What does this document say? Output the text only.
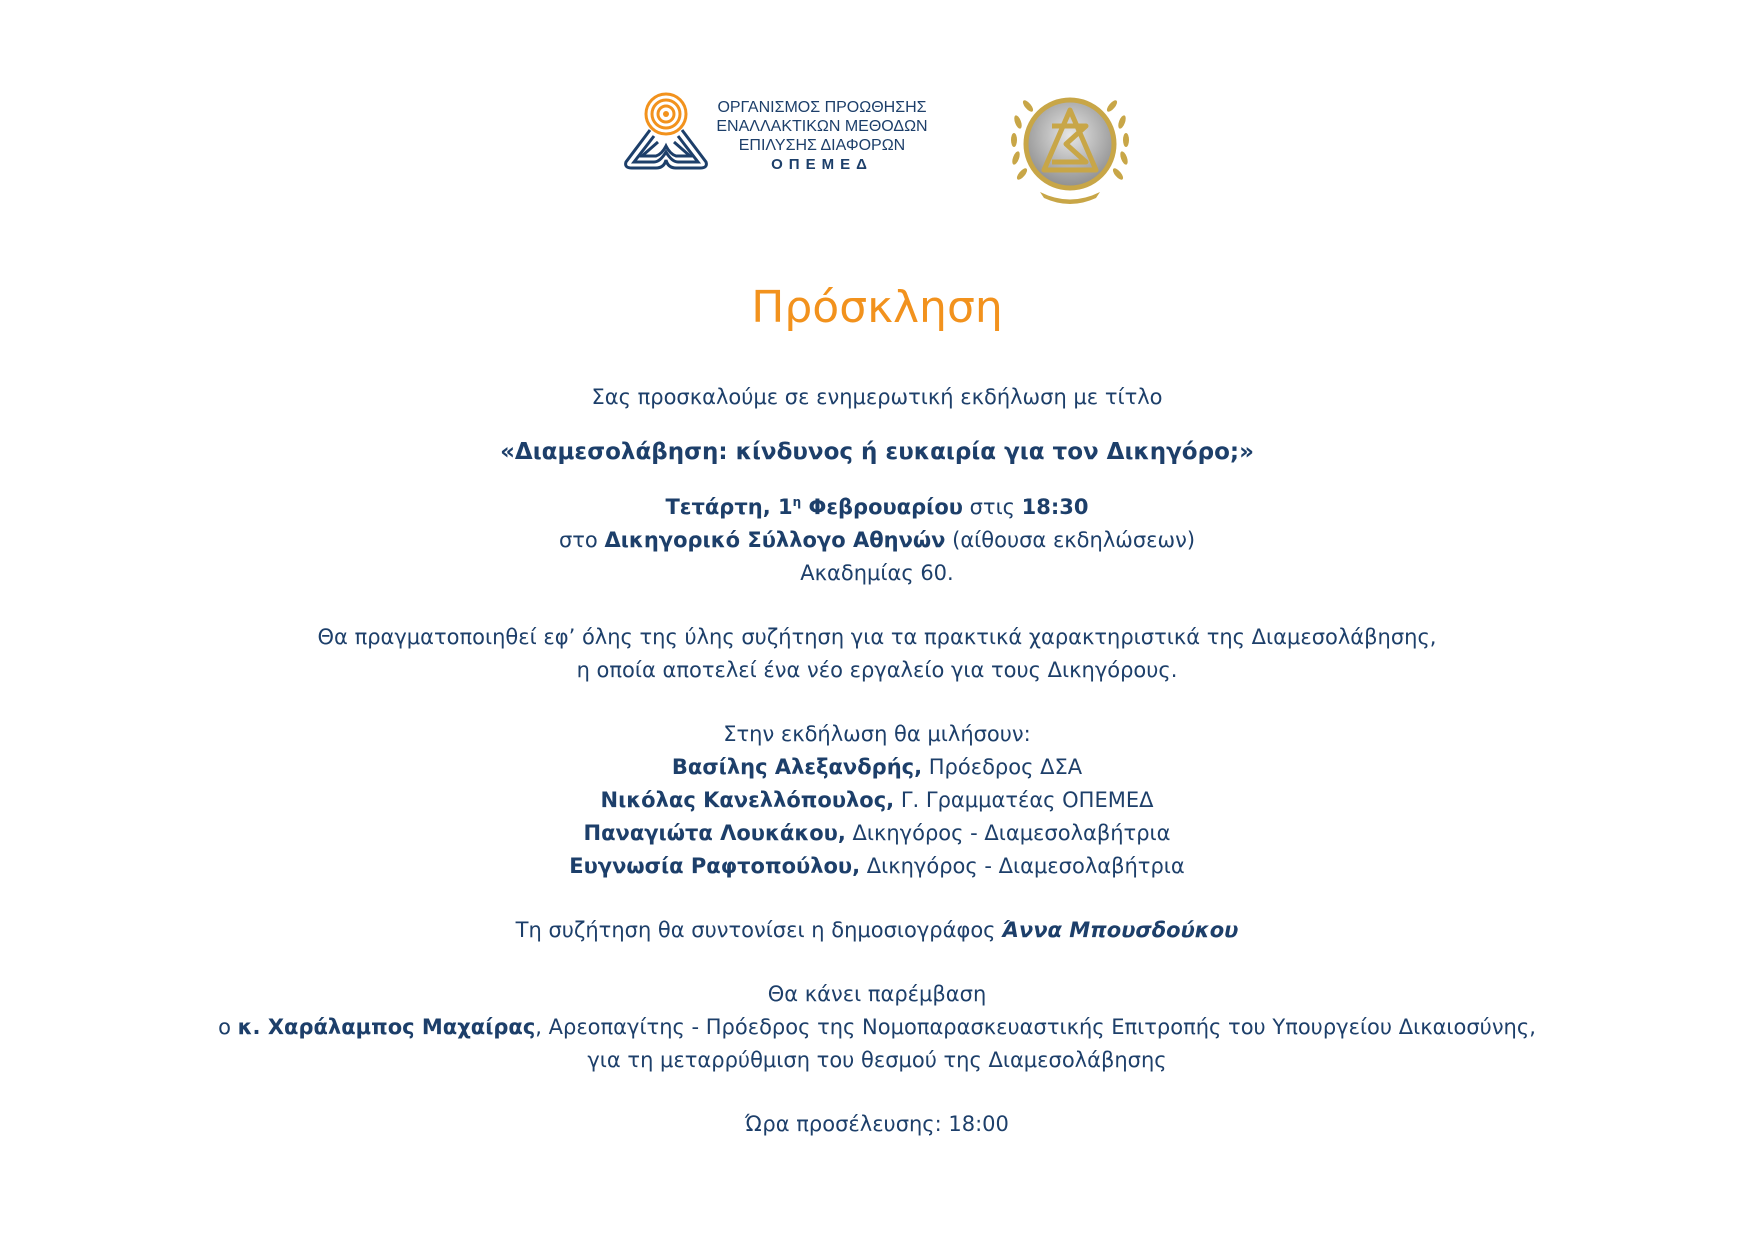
ΟΡΓΑΝΙΣΜΟΣ ΠΡΟΩΘΗΣΗΣ
ΕΝΑΛΛΑΚΤΙΚΩΝ ΜΕΘΟΔΩΝ
ΕΠΙΛΥΣΗΣ ΔΙΑΦΟΡΩΝ
ΟΠΕΜΕΔ
Πρόσκληση

Σας προσκαλούμε σε ενημερωτική εκδήλωση με τίτλο

«Διαμεσολάβηση: κίνδυνος ή ευκαιρία για τον Δικηγόρο;»

Τετάρτη, $1^\eta$ Φεβρουαρίου στις 18:30

στο Δικηγορικό Σύλλογο Αθηνών (αίθουσα εκδηλώσεων)

Ακαδημίας 60.

Θα πραγματοποιηθεί εφ’ όλης της ύλης συζήτηση για τα πρακτικά χαρακτηριστικά της Διαμεσολάβησης,

η οποία αποτελεί ένα νέο εργαλείο για τους Δικηγόρους.

Στην εκδήλωση θα μιλήσουν:

Βασίλης Αλεξανδρής, Πρόεδρος ΔΣΑ

Νικόλας Κανελλόπουλος, Γ. Γραμματέας ΟΠΕΜΕΔ

Παναγιώτα Λουκάκου, Δικηγόρος - Διαμεσολαβήτρια

Ευγνωσία Ραφτοπούλου, Δικηγόρος - Διαμεσολαβήτρια

Τη συζήτηση θα συντονίσει η δημοσιογράφος Άννα Μπουσδούκου

Θα κάνει παρέμβαση

ο κ. Χαράλαμπος Μαχαίρας, Αρεοπαγίτης - Πρόεδρος της Νομοπαρασκευαστικής Επιτροπής του Υπουργείου Δικαιοσύνης,

για τη μεταρρύθμιση του θεσμού της Διαμεσολάβησης

Ώρα προσέλευσης: 18:00
